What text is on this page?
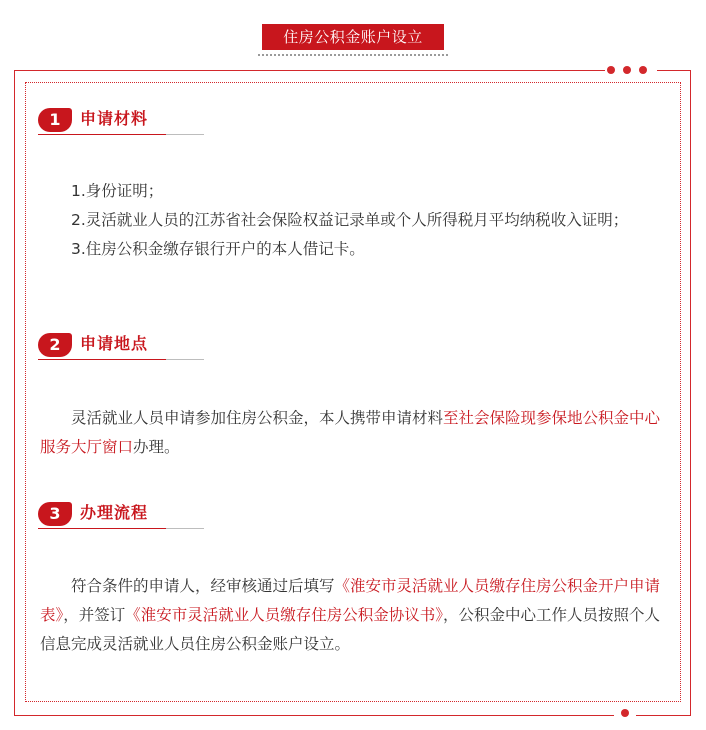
住房公积金账户设立
1	申请材料

1.身份证明；

2.灵活就业人员的江苏省社会保险权益记录单或个人所得税月平均纳税收入证明；

3.住房公积金缴存银行开户的本人借记卡。

2	申请地点

灵活就业人员申请参加住房公积金，本人携带申请材料至社会保险现参保地公积金中心服务大厅窗口办理。

3	办理流程

符合条件的申请人，经审核通过后填写《淮安市灵活就业人员缴存住房公积金开户申请表》，并签订《淮安市灵活就业人员缴存住房公积金协议书》，公积金中心工作人员按照个人信息完成灵活就业人员住房公积金账户设立。
